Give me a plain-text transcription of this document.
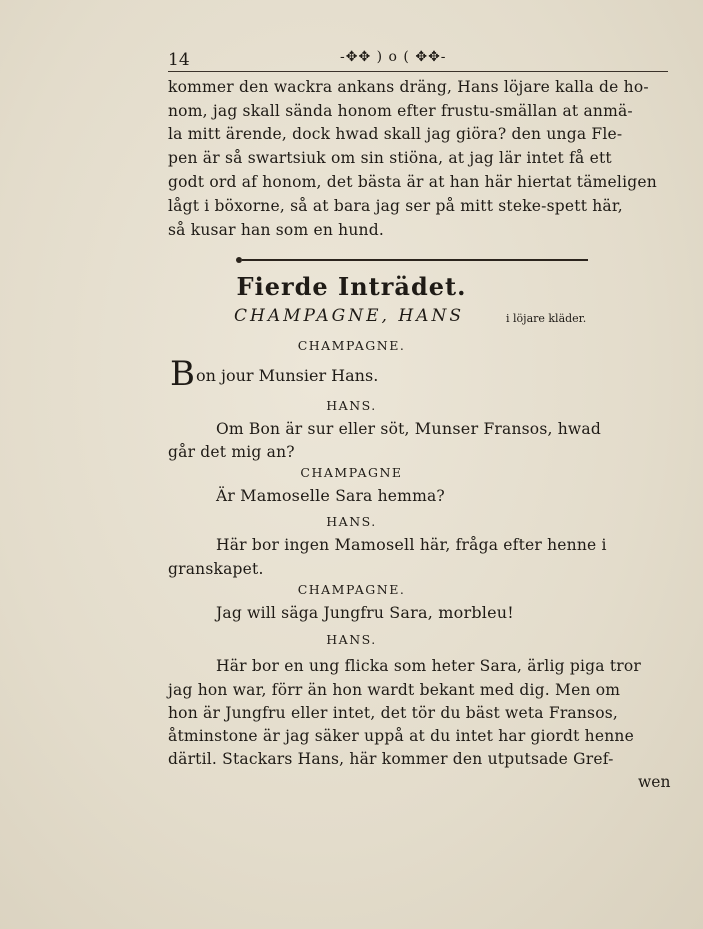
14	-✥✥ ) o ( ✥✥-
kommer den wackra ankans dräng, Hans löjare kalla de ho-
nom, jag skall sända honom efter frustu-smällan at anmä-
la mitt ärende, dock hwad skall jag giöra? den unga Fle-
pen är så swartsiuk om sin stiöna, at jag lär intet få ett
godt ord af honom, det bästa är at han här hiertat tämeligen
lågt i böxorne, så at bara jag ser på mitt steke-spett här,
så kusar han som en hund.
Fierde Inträdet.
CHAMPAGNE, HANS	i löjare kläder.
CHAMPAGNE.
B on jour Munsier Hans.
HANS.
Om Bon är sur eller söt, Munser Fransos, hwad
går det mig an?
CHAMPAGNE
Är Mamoselle Sara hemma?
HANS.
Här bor ingen Mamosell här, fråga efter henne i
granskapet.
CHAMPAGNE.
Jag will säga Jungfru Sara, morbleu!
HANS.
Här bor en ung flicka som heter Sara, ärlig piga tror
jag hon war, förr än hon wardt bekant med dig. Men om
hon är Jungfru eller intet, det tör du bäst weta Fransos,
åtminstone är jag säker uppå at du intet har giordt henne
därtil. Stackars Hans, här kommer den utputsade Gref-
wen
